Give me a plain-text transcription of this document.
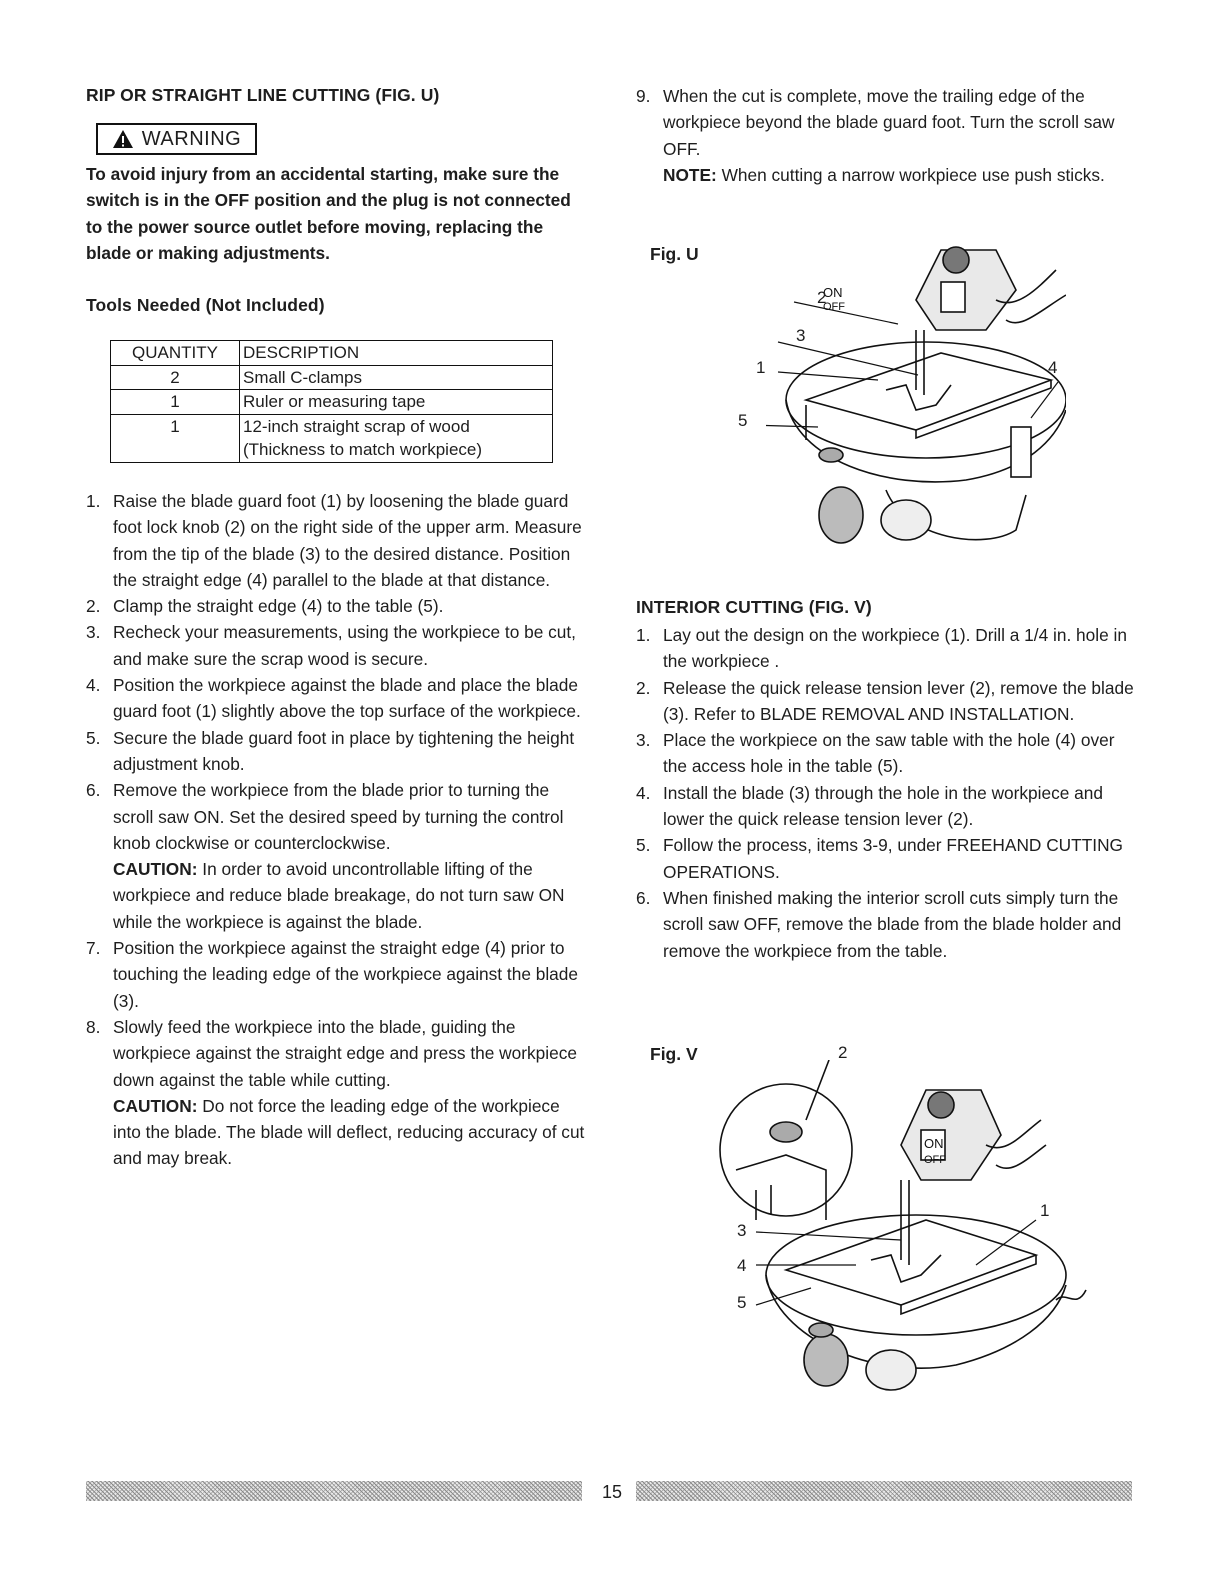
RIP OR STRAIGHT LINE CUTTING (FIG. U)
WARNING
To avoid injury from an accidental starting, make sure the switch is in the OFF position and the plug is not connected to the power source outlet before moving, replacing the blade or making adjustments.
Tools Needed (Not Included)
QUANTITY	DESCRIPTION
2	Small C-clamps
1	Ruler or measuring tape
1	12-inch straight scrap of wood
(Thickness to match workpiece)
1. Raise the blade guard foot (1) by loosening the blade guard foot lock knob (2) on the right side of the upper arm. Measure from the tip of the blade (3) to the desired distance. Position the straight edge (4) parallel to the blade at that distance.
2. Clamp the straight edge (4) to the table (5).
3. Recheck your measurements, using the workpiece to be cut, and make sure the scrap wood is secure.
4. Position the workpiece against the blade and place the blade guard foot (1) slightly above the top surface of the workpiece.
5. Secure the blade guard foot in place by tightening the height adjustment knob.
6. Remove the workpiece from the blade prior to turning the scroll saw ON. Set the desired speed by turning the control knob clockwise or counterclockwise.
CAUTION: In order to avoid uncontrollable lifting of the workpiece and reduce blade breakage, do not turn saw ON while the workpiece is against the blade.
7. Position the workpiece against the straight edge (4) prior to touching the leading edge of the workpiece against the blade (3).
8. Slowly feed the workpiece into the blade, guiding the workpiece against the straight edge and press the workpiece down against the table while cutting.
CAUTION: Do not force the leading edge of the workpiece into the blade. The blade will deflect, reducing accuracy of cut and may break.
9. When the cut is complete, move the trailing edge of the workpiece beyond the blade guard foot. Turn the scroll saw OFF.
NOTE: When cutting a narrow workpiece use push sticks.
Fig. U
ON
OFF
2
3
1	4
5
INTERIOR CUTTING (FIG. V)
1. Lay out the design on the workpiece (1). Drill a 1/4 in. hole in the workpiece .
2. Release the quick release tension lever (2), remove the blade (3). Refer to BLADE REMOVAL AND INSTALLATION.
3. Place the workpiece on the saw table with the hole (4) over the access hole in the table (5).
4. Install the blade (3) through the hole in the workpiece and lower the quick release tension lever (2).
5. Follow the process, items 3-9, under FREEHAND CUTTING OPERATIONS.
6. When finished making the interior scroll cuts simply turn the scroll saw OFF, remove the blade from the blade holder and remove the workpiece from the table.
Fig. V
ON
OFF
2
1
3
4
5
15
